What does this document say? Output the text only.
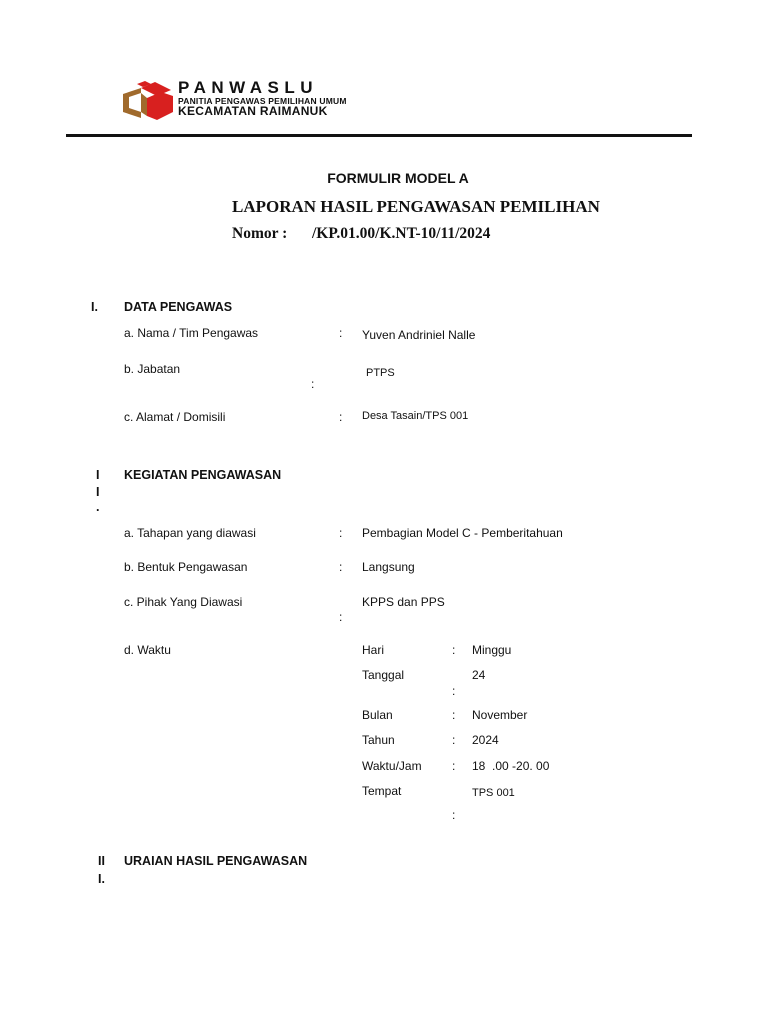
PANWASLU
PANITIA PENGAWAS PEMILIHAN UMUM
KECAMATAN RAIMANUK
FORMULIR MODEL A
LAPORAN HASIL PENGAWASAN PEMILIHAN
Nomor : /KP.01.00/K.NT-10/11/2024
I. DATA PENGAWAS
a. Nama / Tim Pengawas	: Yuven Andriniel Nalle
b. Jabatan
:
PTPS
c. Alamat / Domisili	: Desa Tasain/TPS 001
I
I
.
KEGIATAN PENGAWASAN
a. Tahapan yang diawasi	: Pembagian Model C - Pemberitahuan
b. Bentuk Pengawasan	: Langsung
c. Pihak Yang Diawasi
:
KPPS dan PPS
d. Waktu	Hari	: Minggu
Tanggal
:
24
Bulan	: November
Tahun	: 2024
Waktu/Jam	: 18  .00 -20. 00
Tempat
:
TPS 001
II
I.
URAIAN HASIL PENGAWASAN
